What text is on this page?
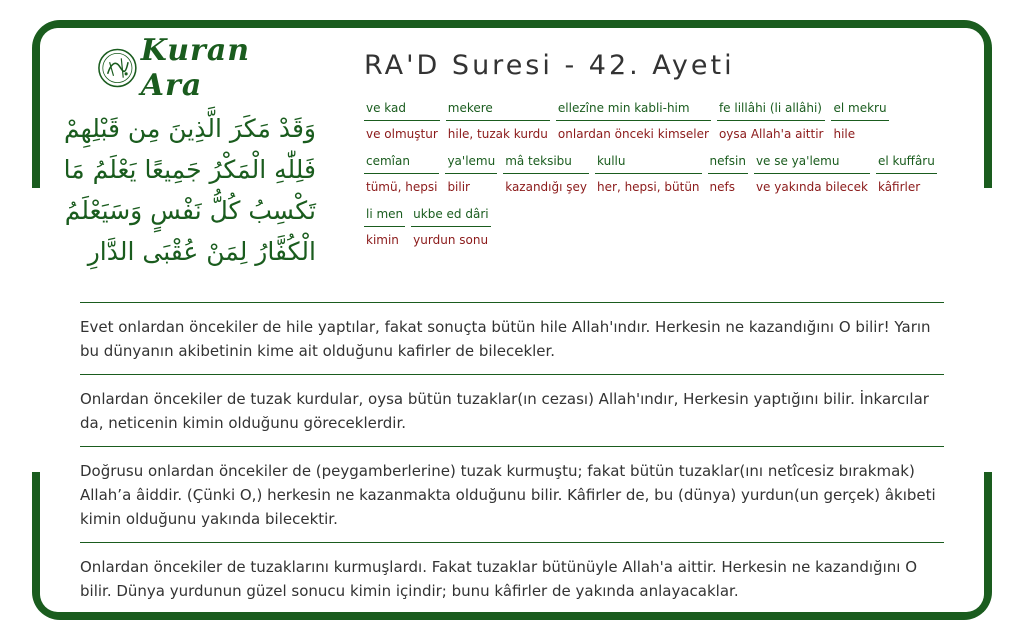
Kuran Ara
وَقَدْ مَكَرَ الَّذِينَ مِن قَبْلِهِمْ فَلِلّٰهِ الْمَكْرُ جَمِيعًا يَعْلَمُ مَا تَكْسِبُ كُلُّ نَفْسٍ وَسَيَعْلَمُ الْكُفَّارُ لِمَنْ عُقْبَى الدَّارِ
RA'D Suresi - 42. Ayeti
ve kad
ve olmuştur
mekere
hile, tuzak kurdu
ellezîne min kabli-him
onlardan önceki kimseler
fe lillâhi (li allâhi)
oysa Allah'a aittir
el mekru
hile
cemîan
tümü, hepsi
ya'lemu
bilir
mâ teksibu
kazandığı şey
kullu
her, hepsi, bütün
nefsin
nefs
ve se ya'lemu
ve yakında bilecek
el kuffâru
kâfirler
li men
kimin
ukbe ed dâri
yurdun sonu
Evet onlardan öncekiler de hile yaptılar, fakat sonuçta bütün hile Allah'ındır. Herkesin ne kazandığını O bilir! Yarın bu dünyanın akibetinin kime ait olduğunu kafirler de bilecekler.
Onlardan öncekiler de tuzak kurdular, oysa bütün tuzaklar(ın cezası) Allah'ındır, Herkesin yaptığını bilir. İnkarcılar da, neticenin kimin olduğunu göreceklerdir.
Doğrusu onlardan öncekiler de (peygamberlerine) tuzak kurmuştu; fakat bütün tuzaklar(ını netîcesiz bırakmak) Allah’a âiddir. (Çünki O,) herkesin ne kazanmakta olduğunu bilir. Kâfirler de, bu (dünya) yurdun(un gerçek) âkıbeti kimin olduğunu yakında bilecektir.
Onlardan öncekiler de tuzaklarını kurmuşlardı. Fakat tuzaklar bütünüyle Allah'a aittir. Herkesin ne kazandığını O bilir. Dünya yurdunun güzel sonucu kimin içindir; bunu kâfirler de yakında anlayacaklar.
